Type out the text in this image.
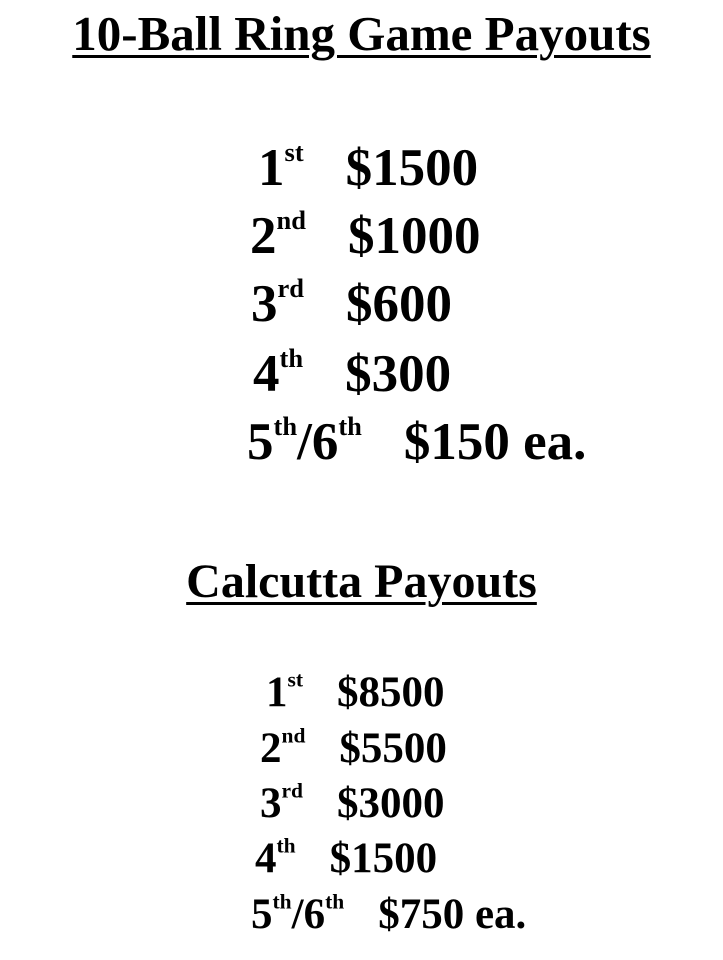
10-Ball Ring Game Payouts
1st $1500
2nd $1000
3rd $600
4th $300
5th/6th $150 ea.
Calcutta Payouts
1st $8500
2nd $5500
3rd $3000
4th $1500
5th/6th $750 ea.
